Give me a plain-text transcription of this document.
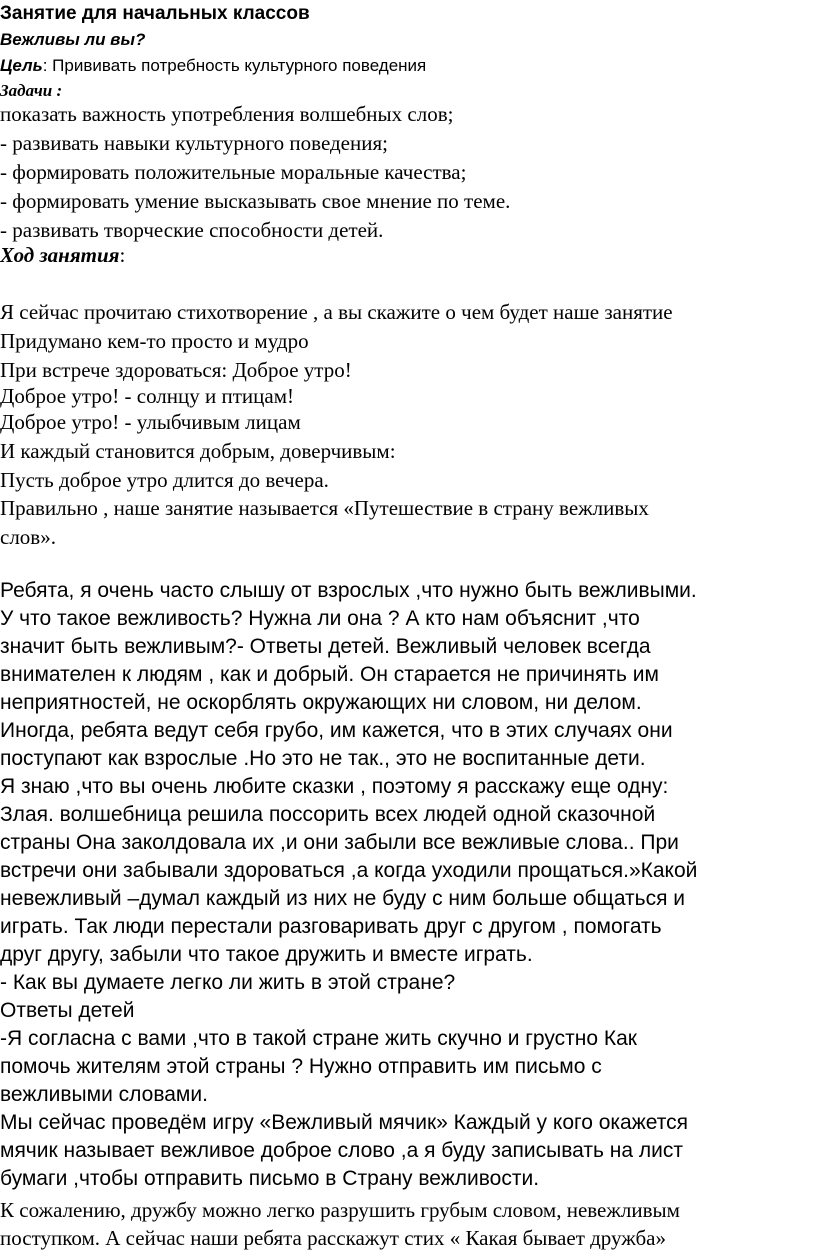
Занятие для начальных классов
Вежливы ли вы?
Цель: Прививать потребность культурного поведения
Задачи :
показать важность употребления волшебных слов;
- развивать навыки культурного поведения;
- формировать положительные моральные качества;
- формировать умение высказывать свое мнение по теме.
- развивать творческие способности детей.
Ход занятия:
Я сейчас прочитаю стихотворение , а вы скажите о чем будет наше занятие
Придумано кем-то просто и мудро
При встрече здороваться: Доброе утро!
Доброе утро! - солнцу и птицам!
Доброе утро! - улыбчивым лицам
И каждый становится добрым, доверчивым:
Пусть доброе утро длится до вечера.
Правильно , наше занятие называется «Путешествие в страну вежливых
слов».
Ребята, я очень часто слышу от взрослых ,что нужно быть вежливыми.
У что такое вежливость? Нужна ли она ? А кто нам объяснит ,что
значит быть вежливым?- Ответы детей. Вежливый человек всегда
внимателен к людям , как и добрый. Он старается не причинять им
неприятностей, не оскорблять окружающих ни словом, ни делом.
Иногда, ребята ведут себя грубо, им кажется, что в этих случаях они
поступают как взрослые .Но это не так., это не воспитанные дети.
Я знаю ,что вы очень любите сказки , поэтому я расскажу еще одну:
Злая. волшебница решила поссорить всех людей одной сказочной
страны Она заколдовала их ,и они забыли все вежливые слова.. При
встречи они забывали здороваться ,а когда уходили прощаться.»Какой
невежливый –думал каждый из них не буду с ним больше общаться и
играть. Так люди перестали разговаривать друг с другом , помогать
друг другу, забыли что такое дружить и вместе играть.
- Как вы думаете легко ли жить в этой стране?
Ответы детей
-Я согласна с вами ,что в такой стране жить скучно и грустно Как
помочь жителям этой страны ? Нужно отправить им письмо с
вежливыми словами.
Мы сейчас проведём игру «Вежливый мячик» Каждый у кого окажется
мячик называет вежливое доброе слово ,а я буду записывать на лист
бумаги ,чтобы отправить письмо в Страну вежливости.
К сожалению, дружбу можно легко разрушить грубым словом, невежливым
поступком. А сейчас наши ребята расскажут стих « Какая бывает дружба»
